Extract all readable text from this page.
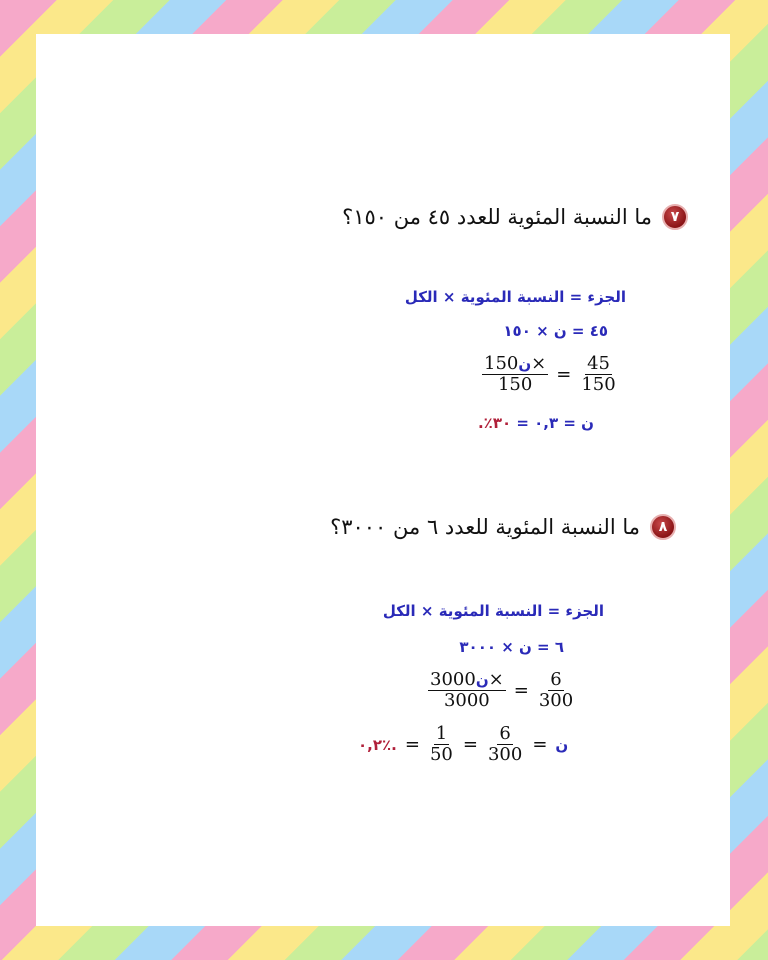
٧
ما النسبة المئوية للعدد ٤٥ من ١٥٠؟
الجزء = النسبة المئوية × الكل
٤٥ = ن × ١٥٠
$\frac{\text{ن150×}}{150} = \frac{45}{150}$
ن = ٠,٣ = ٣٠٪.
٨
ما النسبة المئوية للعدد ٦ من ٣٠٠٠؟
الجزء = النسبة المئوية × الكل
٦ = ن × ٣٠٠٠
$\frac{\text{ن3000×}}{3000} = \frac{6}{300}$
٠,٢٪. = $\frac{1}{50} = \frac{6}{300}$ = ن
